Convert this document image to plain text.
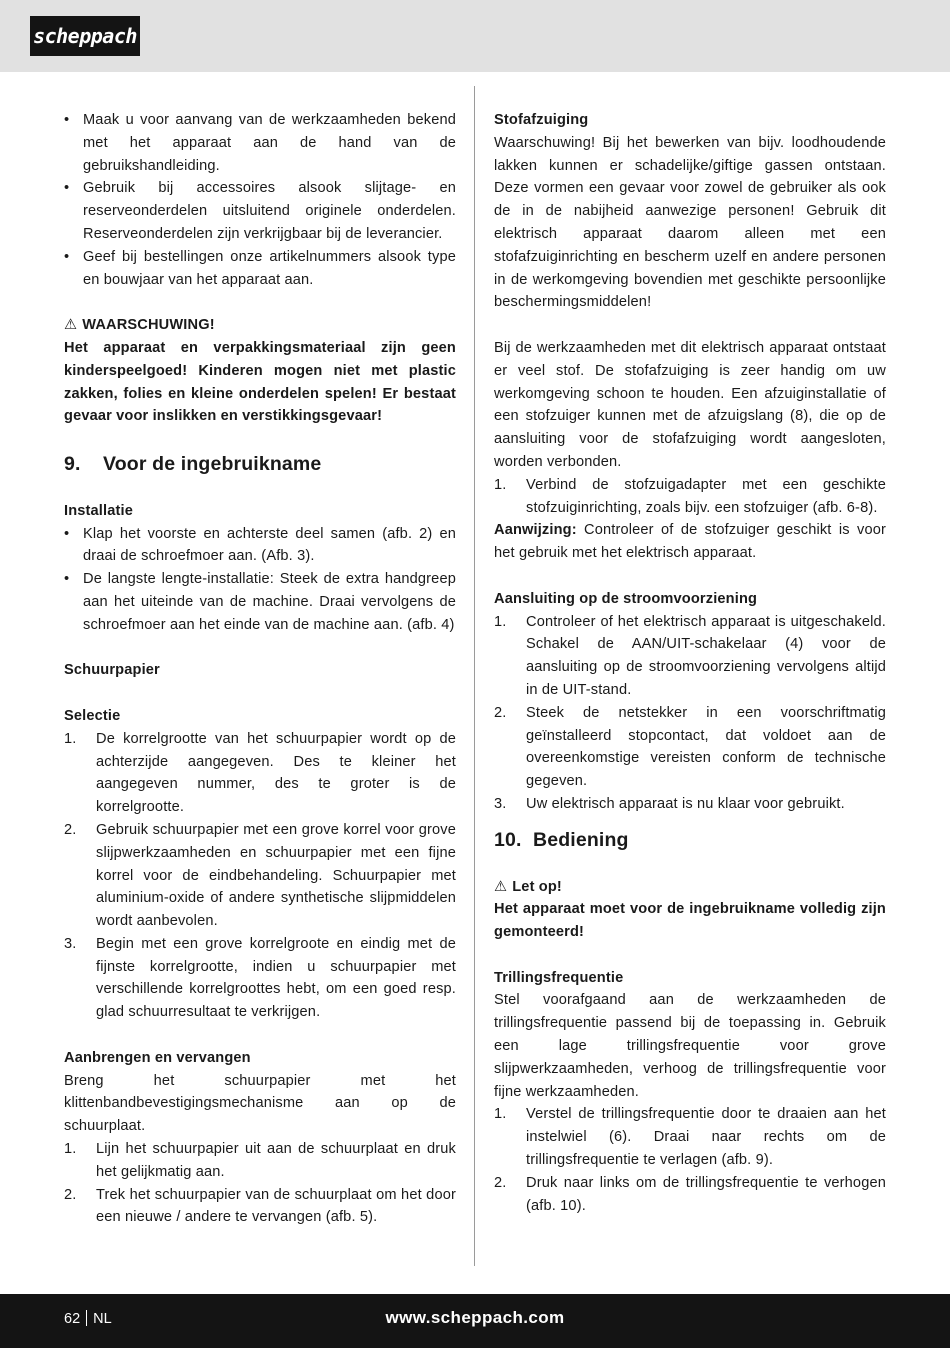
scheppach
• Maak u voor aanvang van de werkzaamheden bekend met het apparaat aan de hand van de gebruikshandleiding.
• Gebruik bij accessoires alsook slijtage- en reserveonderdelen uitsluitend originele onderdelen. Reserveonderdelen zijn verkrijgbaar bij de leverancier.
• Geef bij bestellingen onze artikelnummers alsook type en bouwjaar van het apparaat aan.

⚠ WAARSCHUWING!

Het apparaat en verpakkingsmateriaal zijn geen kinderspeelgoed! Kinderen mogen niet met plastic zakken, folies en kleine onderdelen spelen! Er bestaat gevaar voor inslikken en verstikkingsgevaar!

9.	Voor de ingebruikname

Installatie

• Klap het voorste en achterste deel samen (afb. 2) en draai de schroefmoer aan. (Afb. 3).
• De langste lengte-installatie: Steek de extra handgreep aan het uiteinde van de machine. Draai vervolgens de schroefmoer aan het einde van de machine aan. (afb. 4)

Schuurpapier

Selectie

1. De korrelgrootte van het schuurpapier wordt op de achterzijde aangegeven. Des te kleiner het aangegeven nummer, des te groter is de korrelgrootte.
2. Gebruik schuurpapier met een grove korrel voor grove slijpwerkzaamheden en schuurpapier met een fijne korrel voor de eindbehandeling. Schuurpapier met aluminium-oxide of andere synthetische slijpmiddelen wordt aanbevolen.
3. Begin met een grove korrelgroote en eindig met de fijnste korrelgrootte, indien u schuurpapier met verschillende korrelgroottes hebt, om een goed resp. glad schuurresultaat te verkrijgen.

Aanbrengen en vervangen

Breng het schuurpapier met het klittenbandbevestigingsmechanisme aan op de schuurplaat.

1. Lijn het schuurpapier uit aan de schuurplaat en druk het gelijkmatig aan.
2. Trek het schuurpapier van de schuurplaat om het door een nieuwe / andere te vervangen (afb. 5).

Stofafzuiging

Waarschuwing! Bij het bewerken van bijv. loodhoudende lakken kunnen er schadelijke/giftige gassen ontstaan. Deze vormen een gevaar voor zowel de gebruiker als ook de in de nabijheid aanwezige personen! Gebruik dit elektrisch apparaat daarom alleen met een stofafzuiginrichting en bescherm uzelf en andere personen in de werkomgeving bovendien met geschikte persoonlijke beschermingsmiddelen!

Bij de werkzaamheden met dit elektrisch apparaat ontstaat er veel stof. De stofafzuiging is zeer handig om uw werkomgeving schoon te houden. Een afzuiginstallatie of een stofzuiger kunnen met de afzuigslang (8), die op de aansluiting voor de stofafzuiging wordt aangesloten, worden verbonden.

1. Verbind de stofzuigadapter met een geschikte stofzuiginrichting, zoals bijv. een stofzuiger (afb. 6-8).

Aanwijzing: Controleer of de stofzuiger geschikt is voor het gebruik met het elektrisch apparaat.

Aansluiting op de stroomvoorziening

1. Controleer of het elektrisch apparaat is uitgeschakeld. Schakel de AAN/UIT-schakelaar (4) voor de aansluiting op de stroomvoorziening vervolgens altijd in de UIT-stand.
2. Steek de netstekker in een voorschriftmatig geïnstalleerd stopcontact, dat voldoet aan de overeenkomstige vereisten conform de technische gegeven.
3. Uw elektrisch apparaat is nu klaar voor gebruikt.
10. Bediening

⚠ Let op!

Het apparaat moet voor de ingebruikname volledig zijn gemonteerd!

Trillingsfrequentie

Stel voorafgaand aan de werkzaamheden de trillingsfrequentie passend bij de toepassing in. Gebruik een lage trillingsfrequentie voor grove slijpwerkzaamheden, verhoog de trillingsfrequentie voor fijne werkzaamheden.

1. Verstel de trillingsfrequentie door te draaien aan het instelwiel (6). Draai naar rechts om de trillingsfrequentie te verlagen (afb. 9).
2. Druk naar links om de trillingsfrequentie te verhogen (afb. 10).
62 NL	www.scheppach.com
